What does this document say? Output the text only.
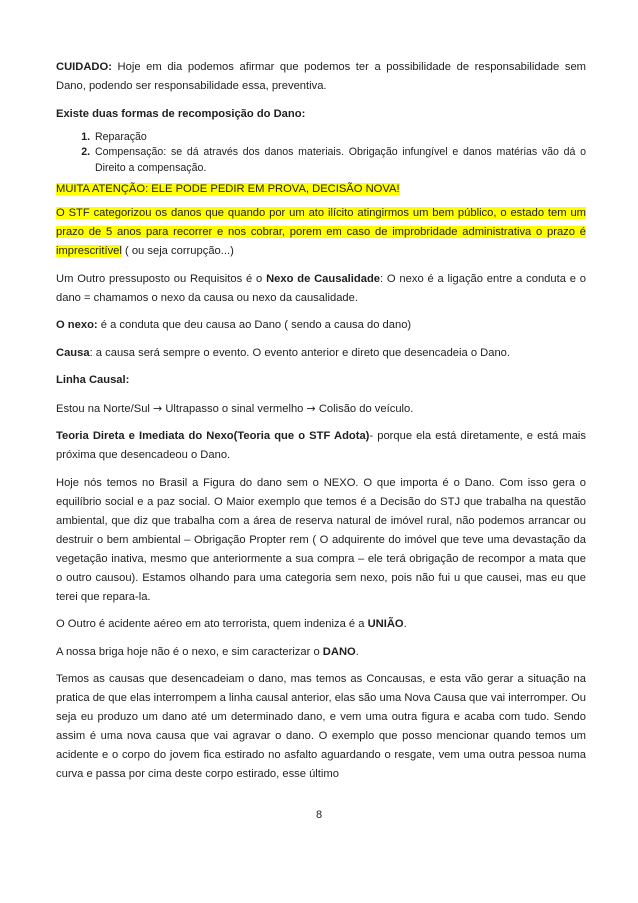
CUIDADO: Hoje em dia podemos afirmar que podemos ter a possibilidade de responsabilidade sem Dano, podendo ser responsabilidade essa, preventiva.

Existe duas formas de recomposição do Dano:

1. Reparação
2. Compensação: se dá através dos danos materiais. Obrigação infungível e danos matérias vão dá o Direito a compensação.

MUITA ATENÇÃO: ELE PODE PEDIR EM PROVA, DECISÃO NOVA!

O STF categorizou os danos que quando por um ato ilícito atingirmos um bem público, o estado tem um prazo de 5 anos para recorrer e nos cobrar, porem em caso de improbridade administrativa o prazo é imprescritível ( ou seja corrupção...)

Um Outro pressuposto ou Requisitos é o Nexo de Causalidade: O nexo é a ligação entre a conduta e o dano = chamamos o nexo da causa ou nexo da causalidade.

O nexo: é a conduta que deu causa ao Dano ( sendo a causa do dano)

Causa: a causa será sempre o evento. O evento anterior e direto que desencadeia o Dano.

Linha Causal:

Estou na Norte/Sul → Ultrapasso o sinal vermelho → Colisão do veículo.

Teoria Direta e Imediata do Nexo(Teoria que o STF Adota)- porque ela está diretamente, e está mais próxima que desencadeou o Dano.

Hoje nós temos no Brasil a Figura do dano sem o NEXO. O que importa é o Dano. Com isso gera o equilíbrio social e a paz social. O Maior exemplo que temos é a Decisão do STJ que trabalha na questão ambiental, que diz que trabalha com a área de reserva natural de imóvel rural, não podemos arrancar ou destruir o bem ambiental – Obrigação Propter rem ( O adquirente do imóvel que teve uma devastação da vegetação inativa, mesmo que anteriormente a sua compra – ele terá obrigação de recompor a mata que o outro causou). Estamos olhando para uma categoria sem nexo, pois não fui u que causei, mas eu que terei que repara-la.

O Outro é acidente aéreo em ato terrorista, quem indeniza é a UNIÃO.

A nossa briga hoje não é o nexo, e sim caracterizar o DANO.

Temos as causas que desencadeiam o dano, mas temos as Concausas, e esta vão gerar a situação na pratica de que elas interrompem a linha causal anterior, elas são uma Nova Causa que vai interromper. Ou seja eu produzo um dano até um determinado dano, e vem uma outra figura e acaba com tudo. Sendo assim é uma nova causa que vai agravar o dano. O exemplo que posso mencionar quando temos um acidente e o corpo do jovem fica estirado no asfalto aguardando o resgate, vem uma outra pessoa numa curva e passa por cima deste corpo estirado, esse último

8
